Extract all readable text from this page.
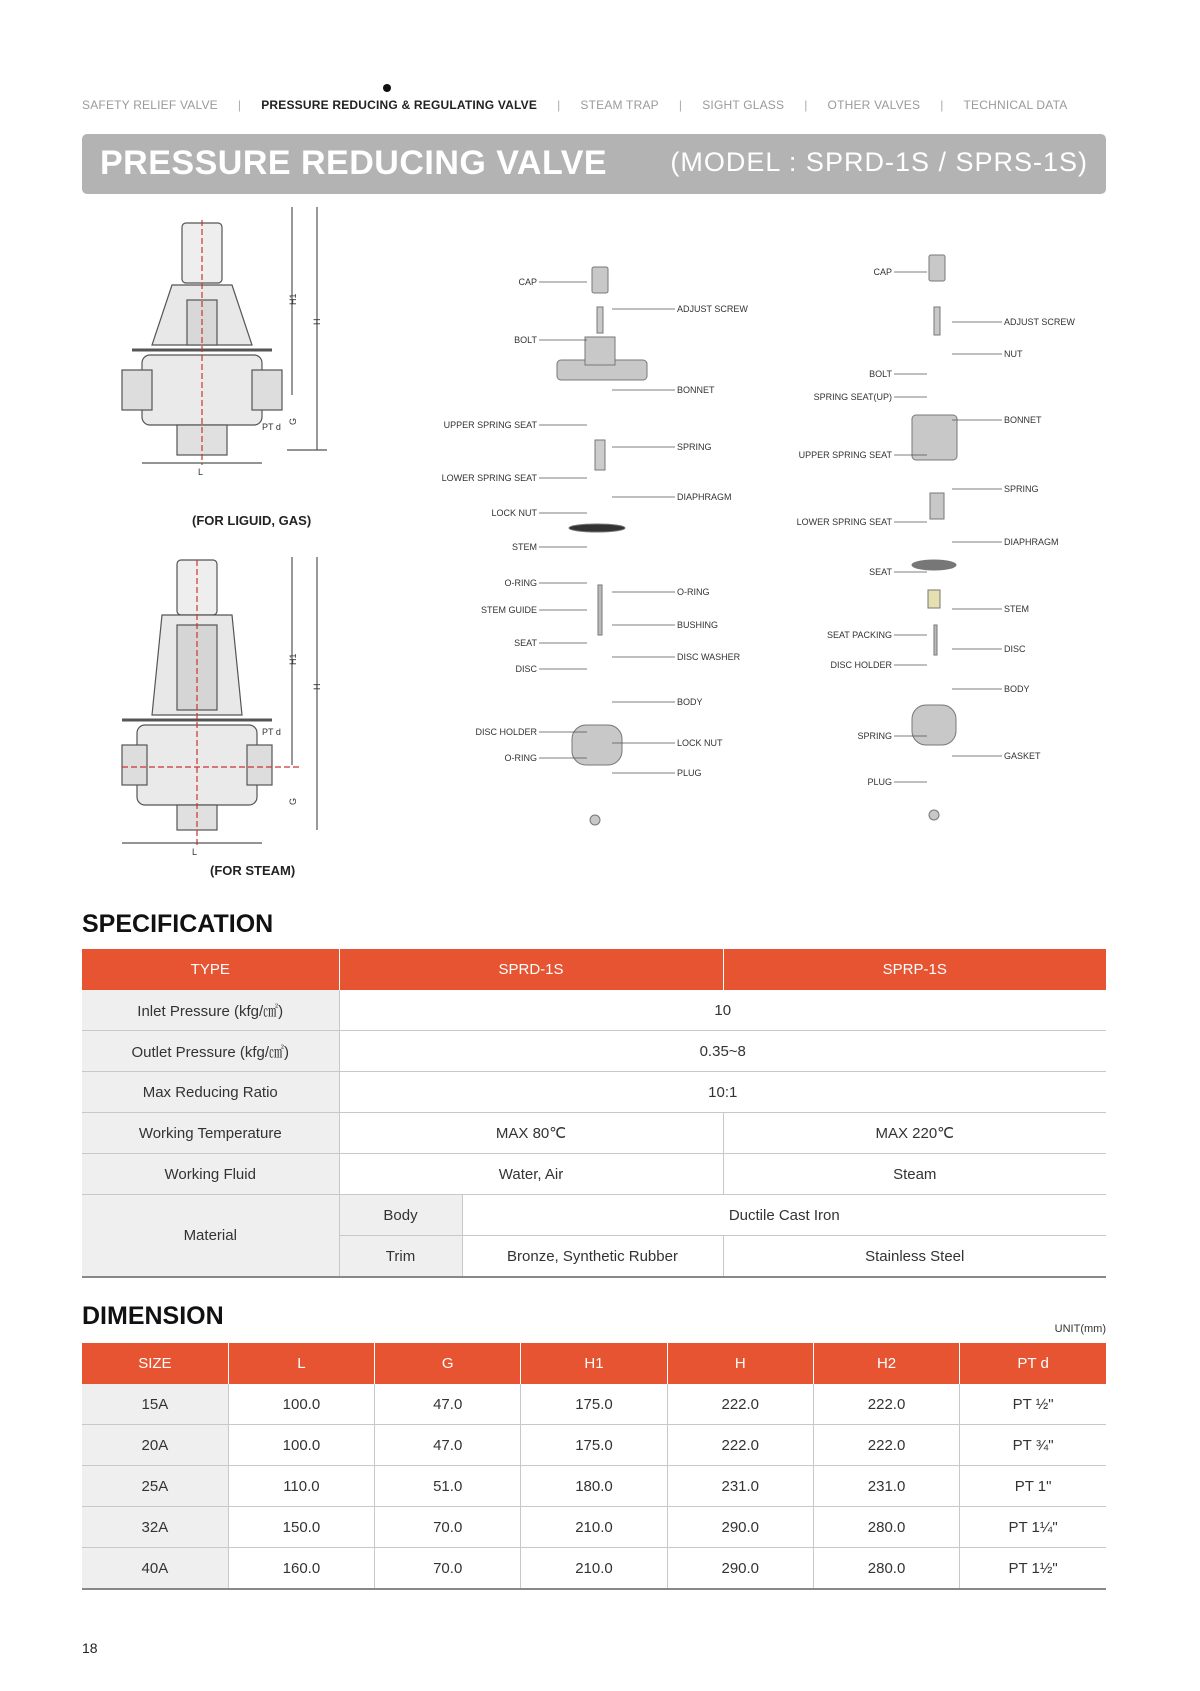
SAFETY RELIEF VALVE | PRESSURE REDUCING & REGULATING VALVE | STEAM TRAP | SIGHT GLASS | OTHER VALVES | TECHNICAL DATA
PRESSURE REDUCING VALVE (MODEL : SPRD-1S / SPRS-1S)
H1
H
G
L
PT d
(FOR LIGUID, GAS)
H1
H
G
L
PT d
(FOR STEAM)
CAP
BOLT
UPPER SPRING SEAT
LOWER SPRING SEAT
LOCK NUT
STEM
O-RING
STEM GUIDE
SEAT
DISC
DISC HOLDER
O-RING
ADJUST SCREW
BONNET
SPRING
DIAPHRAGM
O-RING
BUSHING
DISC WASHER
BODY
LOCK NUT
PLUG
CAP
BOLT
SPRING SEAT(UP)
UPPER SPRING SEAT
LOWER SPRING SEAT
SEAT
SEAT PACKING
DISC HOLDER
SPRING
PLUG
ADJUST SCREW
NUT
BONNET
SPRING
DIAPHRAGM
STEM
DISC
BODY
GASKET
SPECIFICATION
TYPE	SPRD-1S		SPRP-1S
Inlet Pressure (kfg/㎠)	10		
Outlet Pressure (kfg/㎠)	0.35~8		
Max Reducing Ratio	10:1		
Working Temperature	MAX 80℃		MAX 220℃
Working Fluid	Water, Air		Steam
Material	Body	Ductile Cast Iron	
	Trim	Bronze, Synthetic Rubber	Stainless Steel
DIMENSION	UNIT(mm)
SIZE	L	G	H1	H	H2	PT d
15A	100.0	47.0	175.0	222.0	222.0	PT ½"
20A	100.0	47.0	175.0	222.0	222.0	PT ¾"
25A	110.0	51.0	180.0	231.0	231.0	PT 1"
32A	150.0	70.0	210.0	290.0	280.0	PT 1¼"
40A	160.0	70.0	210.0	290.0	280.0	PT 1½"
18
